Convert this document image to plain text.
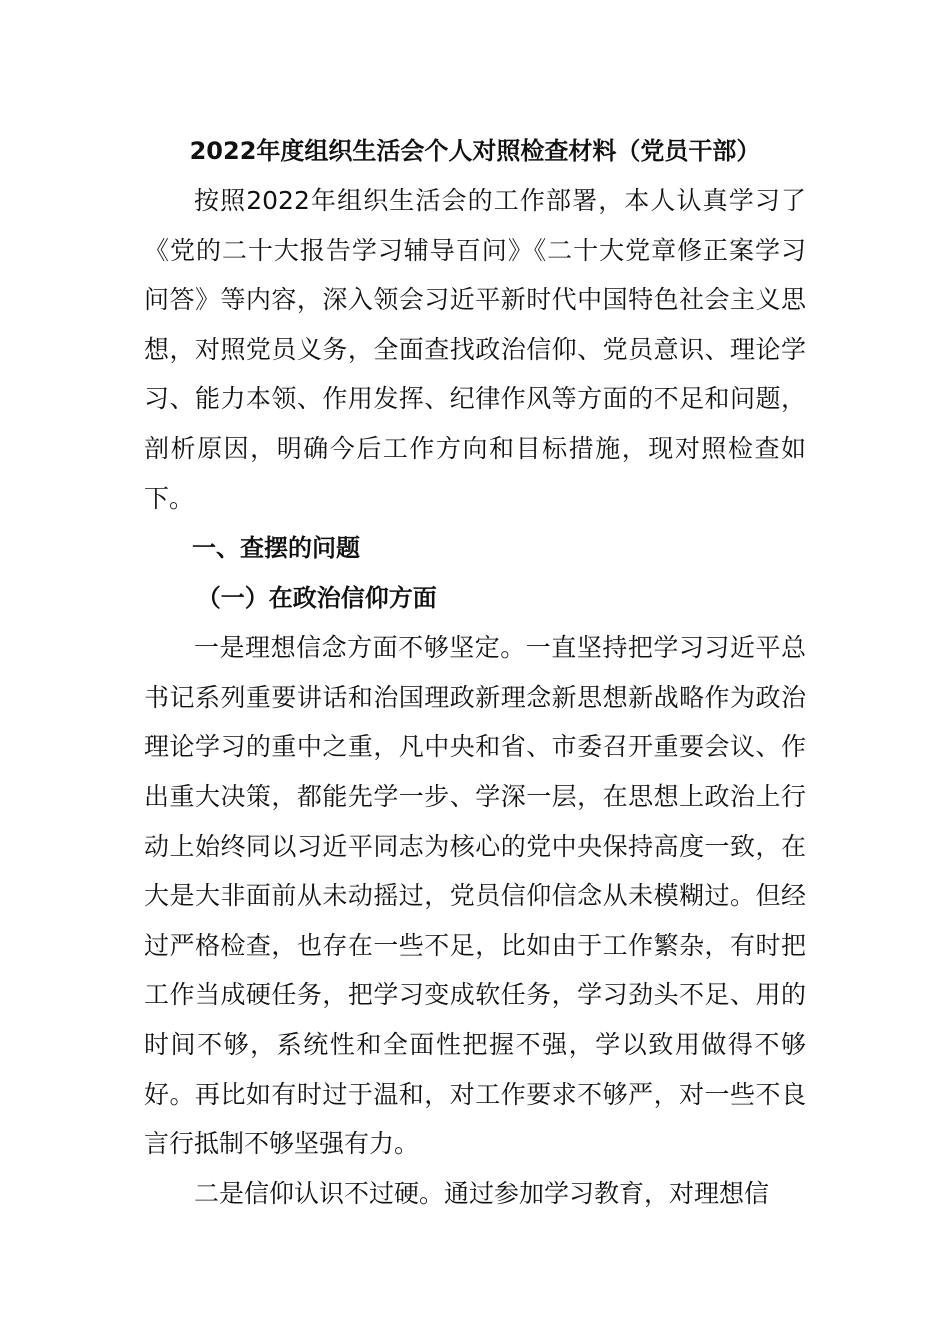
2022年度组织生活会个人对照检查材料（党员干部）

按照2022年组织生活会的工作部署，本人认真学习了《党的二十大报告学习辅导百问》《二十大党章修正案学习问答》等内容，深入领会习近平新时代中国特色社会主义思想，对照党员义务，全面查找政治信仰、党员意识、理论学习、能力本领、作用发挥、纪律作风等方面的不足和问题，剖析原因，明确今后工作方向和目标措施，现对照检查如下。

一、查摆的问题
（一）在政治信仰方面

一是理想信念方面不够坚定。一直坚持把学习习近平总书记系列重要讲话和治国理政新理念新思想新战略作为政治理论学习的重中之重，凡中央和省、市委召开重要会议、作出重大决策，都能先学一步、学深一层，在思想上政治上行动上始终同以习近平同志为核心的党中央保持高度一致，在大是大非面前从未动摇过，党员信仰信念从未模糊过。但经过严格检查，也存在一些不足，比如由于工作繁杂，有时把工作当成硬任务，把学习变成软任务，学习劲头不足、用的时间不够，系统性和全面性把握不强，学以致用做得不够好。再比如有时过于温和，对工作要求不够严，对一些不良言行抵制不够坚强有力。

二是信仰认识不过硬。通过参加学习教育，对理想信
